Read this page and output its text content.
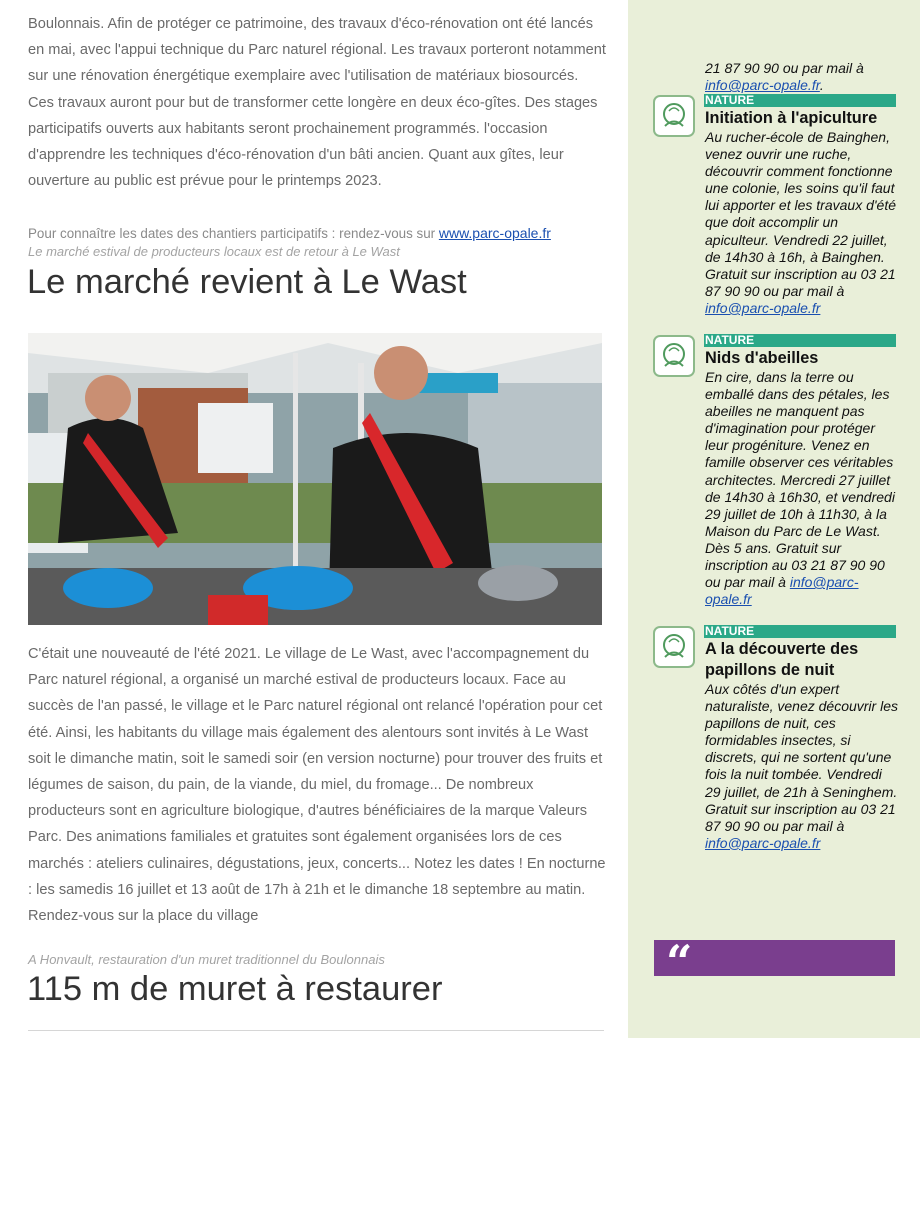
Boulonnais. Afin de protéger ce patrimoine, des travaux d'éco-rénovation ont été lancés en mai, avec l'appui technique du Parc naturel régional. Les travaux porteront notamment sur une rénovation énergétique exemplaire avec l'utilisation de matériaux biosourcés. Ces travaux auront pour but de transformer cette longère en deux éco-gîtes. Des stages participatifs ouverts aux habitants seront prochainement programmés. l'occasion d'apprendre les techniques d'éco-rénovation d'un bâti ancien. Quant aux gîtes, leur ouverture au public est prévue pour le printemps 2023.

Pour connaître les dates des chantiers participatifs : rendez-vous sur www.parc-opale.fr
Le marché estival de producteurs locaux est de retour à Le Wast
Le marché revient à Le Wast

C'était une nouveauté de l'été 2021. Le village de Le Wast, avec l'accompagnement du Parc naturel régional, a organisé un marché estival de producteurs locaux. Face au succès de l'an passé, le village et le Parc naturel régional ont relancé l'opération pour cet été. Ainsi, les habitants du village mais également des alentours sont invités à Le Wast soit le dimanche matin, soit le samedi soir (en version nocturne) pour trouver des fruits et légumes de saison, du pain, de la viande, du miel, du fromage... De nombreux producteurs sont en agriculture biologique, d'autres bénéficiaires de la marque Valeurs Parc. Des animations familiales et gratuites sont également organisées lors de ces marchés : ateliers culinaires, dégustations, jeux, concerts... Notez les dates ! En nocturne : les samedis 16 juillet et 13 août de 17h à 21h et le dimanche 18 septembre au matin. Rendez-vous sur la place du village

A Honvault, restauration d'un muret traditionnel du Boulonnais
115 m de muret à restaurer

21 87 90 90 ou par mail à info@parc-opale.fr.

NATURE
Initiation à l'apiculture

Au rucher-école de Bainghen, venez ouvrir une ruche, découvrir comment fonctionne une colonie, les soins qu'il faut lui apporter et les travaux d'été que doit accomplir un apiculteur. Vendredi 22 juillet, de 14h30 à 16h, à Bainghen. Gratuit sur inscription au 03 21 87 90 90 ou par mail à info@parc-opale.fr

NATURE
Nids d'abeilles

En cire, dans la terre ou emballé dans des pétales, les abeilles ne manquent pas d'imagination pour protéger leur progéniture. Venez en famille observer ces véritables architectes. Mercredi 27 juillet de 14h30 à 16h30, et vendredi 29 juillet de 10h à 11h30, à la Maison du Parc de Le Wast. Dès 5 ans. Gratuit sur inscription au 03 21 87 90 90 ou par mail à info@parc-opale.fr

NATURE
A la découverte des papillons de nuit

Aux côtés d'un expert naturaliste, venez découvrir les papillons de nuit, ces formidables insectes, si discrets, qui ne sortent qu'une fois la nuit tombée. Vendredi 29 juillet, de 21h à Seninghem. Gratuit sur inscription au 03 21 87 90 90 ou par mail à info@parc-opale.fr

“
